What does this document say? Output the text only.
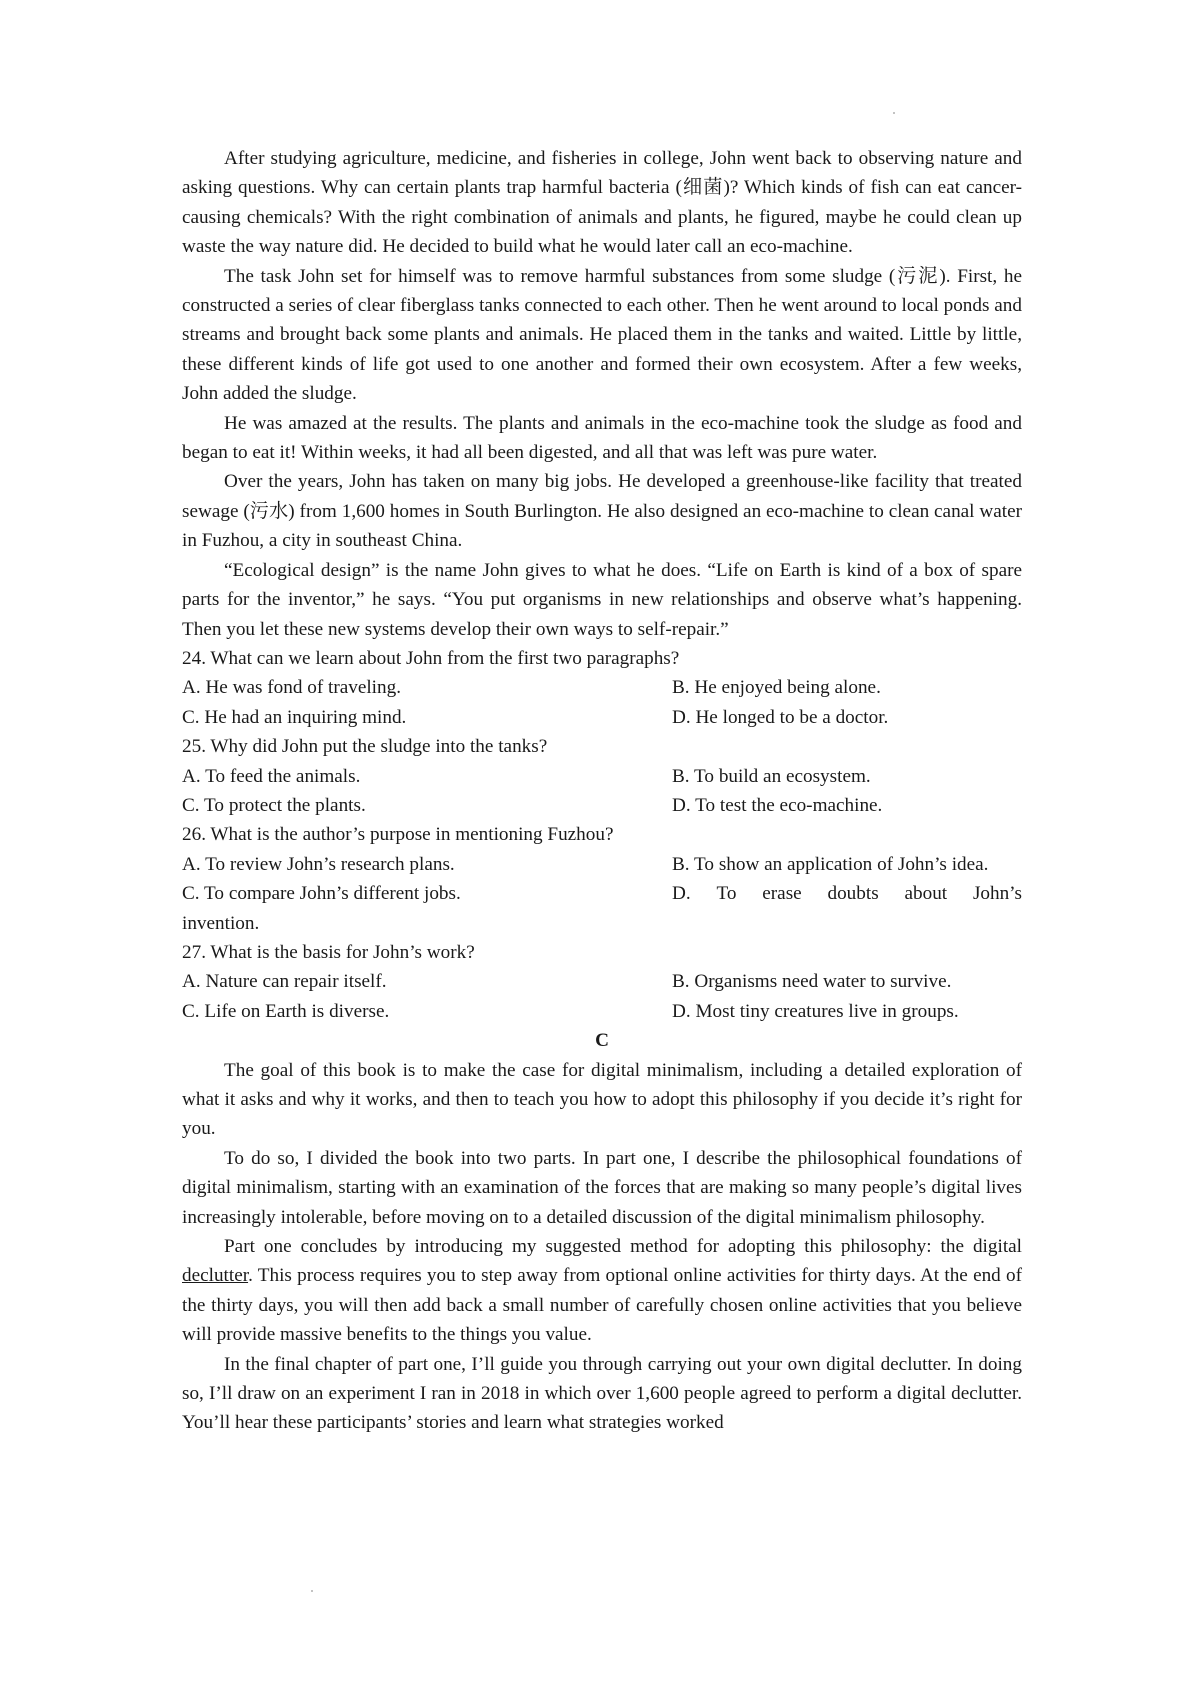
After studying agriculture, medicine, and fisheries in college, John went back to observing nature and asking questions. Why can certain plants trap harmful bacteria (细菌)? Which kinds of fish can eat cancer-causing chemicals? With the right combination of animals and plants, he figured, maybe he could clean up waste the way nature did. He decided to build what he would later call an eco-machine.

The task John set for himself was to remove harmful substances from some sludge (污泥). First, he constructed a series of clear fiberglass tanks connected to each other. Then he went around to local ponds and streams and brought back some plants and animals. He placed them in the tanks and waited. Little by little, these different kinds of life got used to one another and formed their own ecosystem. After a few weeks, John added the sludge.

He was amazed at the results. The plants and animals in the eco-machine took the sludge as food and began to eat it! Within weeks, it had all been digested, and all that was left was pure water.

Over the years, John has taken on many big jobs. He developed a greenhouse-like facility that treated sewage (污水) from 1,600 homes in South Burlington. He also designed an eco-machine to clean canal water in Fuzhou, a city in southeast China.

“Ecological design” is the name John gives to what he does. “Life on Earth is kind of a box of spare parts for the inventor,” he says. “You put organisms in new relationships and observe what’s happening. Then you let these new systems develop their own ways to self-repair.”

24. What can we learn about John from the first two paragraphs?

A. He was fond of traveling.	B. He enjoyed being alone.
C. He had an inquiring mind.	D. He longed to be a doctor.

25. Why did John put the sludge into the tanks?

A. To feed the animals.	B. To build an ecosystem.
C. To protect the plants.	D. To test the eco-machine.

26. What is the author’s purpose in mentioning Fuzhou?

A. To review John’s research plans.	B. To show an application of John’s idea.
C. To compare John’s different jobs.	D. To erase doubts about John’s

invention.

27. What is the basis for John’s work?

A. Nature can repair itself.	B. Organisms need water to survive.
C. Life on Earth is diverse.	D. Most tiny creatures live in groups.

C

The goal of this book is to make the case for digital minimalism, including a detailed exploration of what it asks and why it works, and then to teach you how to adopt this philosophy if you decide it’s right for you.

To do so, I divided the book into two parts. In part one, I describe the philosophical foundations of digital minimalism, starting with an examination of the forces that are making so many people’s digital lives increasingly intolerable, before moving on to a detailed discussion of the digital minimalism philosophy.

Part one concludes by introducing my suggested method for adopting this philosophy: the digital declutter. This process requires you to step away from optional online activities for thirty days. At the end of the thirty days, you will then add back a small number of carefully chosen online activities that you believe will provide massive benefits to the things you value.

In the final chapter of part one, I’ll guide you through carrying out your own digital declutter. In doing so, I’ll draw on an experiment I ran in 2018 in which over 1,600 people agreed to perform a digital declutter. You’ll hear these participants’ stories and learn what strategies worked
